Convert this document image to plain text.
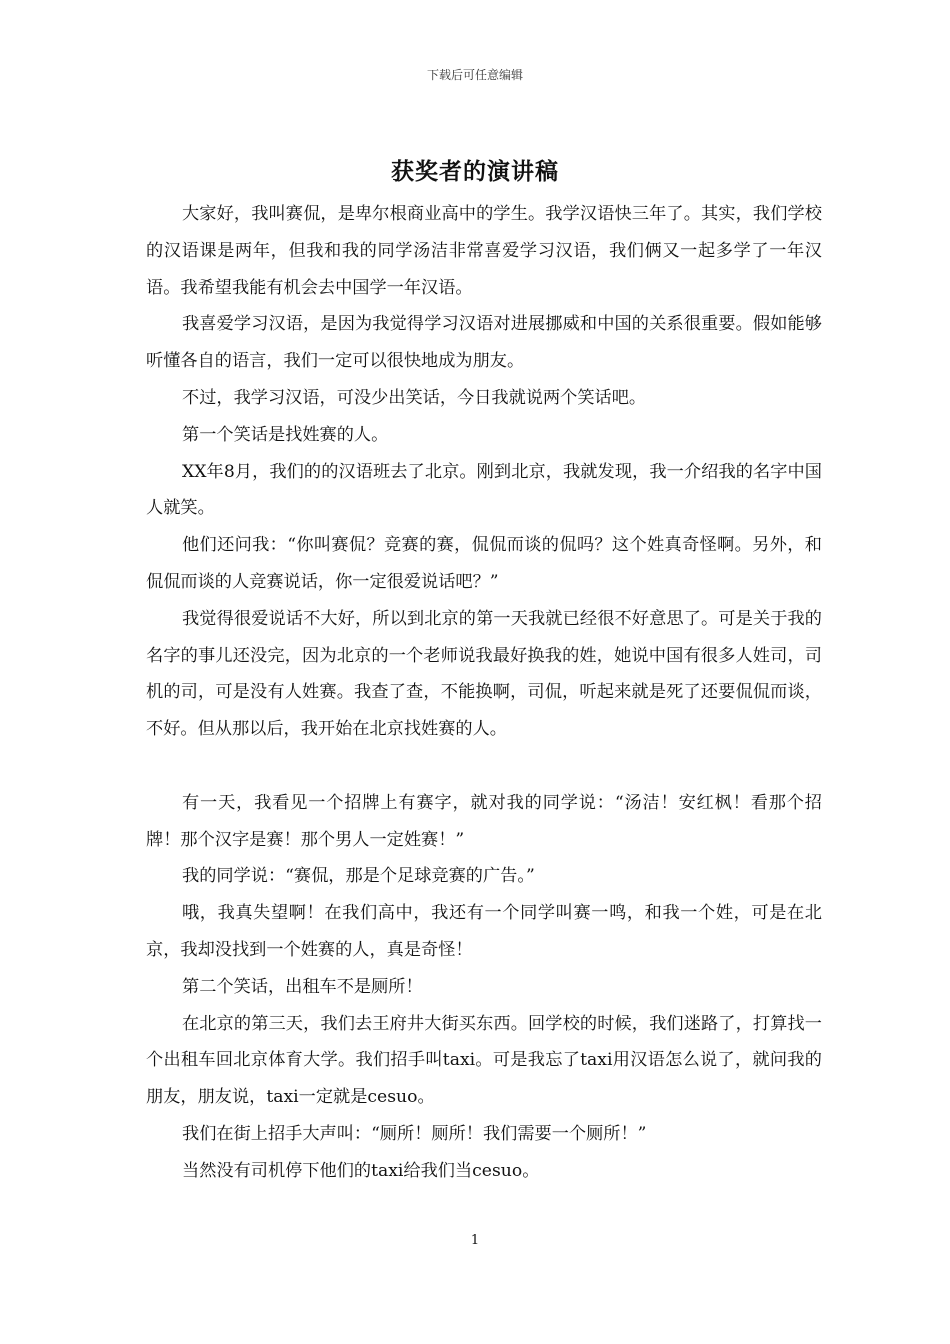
下载后可任意编辑
获奖者的演讲稿

大家好，我叫赛侃，是卑尔根商业高中的学生。我学汉语快三年了。其实，我们学校的汉语课是两年，但我和我的同学汤洁非常喜爱学习汉语，我们俩又一起多学了一年汉语。我希望我能有机会去中国学一年汉语。

我喜爱学习汉语，是因为我觉得学习汉语对进展挪威和中国的关系很重要。假如能够听懂各自的语言，我们一定可以很快地成为朋友。

不过，我学习汉语，可没少出笑话，今日我就说两个笑话吧。

第一个笑话是找姓赛的人。

XX年8月，我们的的汉语班去了北京。刚到北京，我就发现，我一介绍我的名字中国人就笑。

他们还问我：“你叫赛侃？竞赛的赛，侃侃而谈的侃吗？这个姓真奇怪啊。另外，和侃侃而谈的人竞赛说话，你一定很爱说话吧？”

我觉得很爱说话不大好，所以到北京的第一天我就已经很不好意思了。可是关于我的名字的事儿还没完，因为北京的一个老师说我最好换我的姓，她说中国有很多人姓司，司机的司，可是没有人姓赛。我查了查，不能换啊，司侃，听起来就是死了还要侃侃而谈，不好。但从那以后，我开始在北京找姓赛的人。

有一天，我看见一个招牌上有赛字，就对我的同学说：“汤洁！安红枫！看那个招牌！那个汉字是赛！那个男人一定姓赛！”

我的同学说：“赛侃，那是个足球竞赛的广告。”

哦，我真失望啊！在我们高中，我还有一个同学叫赛一鸣，和我一个姓，可是在北京，我却没找到一个姓赛的人，真是奇怪！

第二个笑话，出租车不是厕所！

在北京的第三天，我们去王府井大街买东西。回学校的时候，我们迷路了，打算找一个出租车回北京体育大学。我们招手叫taxi。可是我忘了taxi用汉语怎么说了，就问我的朋友，朋友说，taxi一定就是cesuo。

我们在街上招手大声叫：“厕所！厕所！我们需要一个厕所！”

当然没有司机停下他们的taxi给我们当cesuo。

1
